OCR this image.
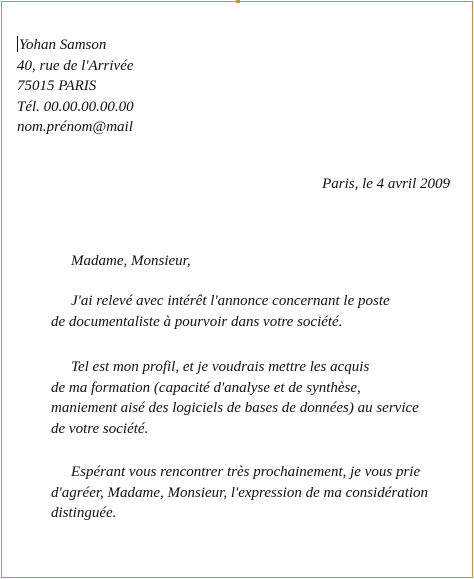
Yohan Samson
40, rue de l'Arrivée
75015 PARIS
Tél. 00.00.00.00.00
nom.prénom@mail
Paris, le 4 avril 2009
Madame, Monsieur,
J'ai relevé avec intérêt l'annonce concernant le poste
de documentaliste à pourvoir dans votre société.
Tel est mon profil, et je voudrais mettre les acquis
de ma formation (capacité d'analyse et de synthèse,
maniement aisé des logiciels de bases de données) au service
de votre société.
Espérant vous rencontrer très prochainement, je vous prie
d'agréer, Madame, Monsieur, l'expression de ma considération
distinguée.
